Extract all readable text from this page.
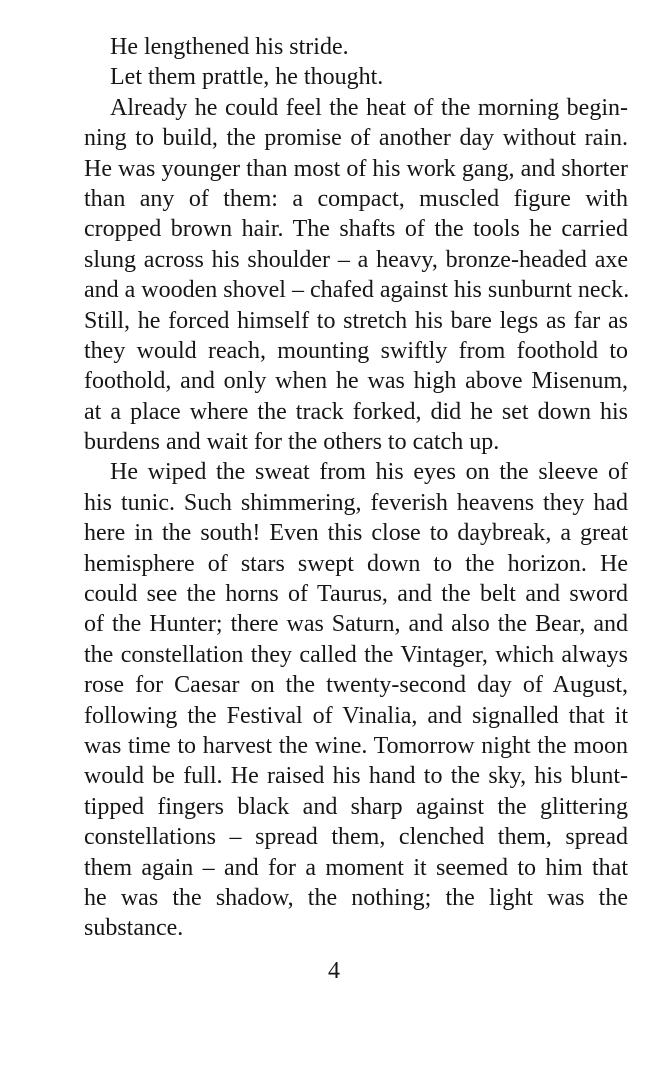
He lengthened his stride.
Let them prattle, he thought.
Already he could feel the heat of the morning begin-
ning to build, the promise of another day without rain.
He was younger than most of his work gang, and shorter
than any of them: a compact, muscled figure with
cropped brown hair. The shafts of the tools he carried
slung across his shoulder – a heavy, bronze-headed axe
and a wooden shovel – chafed against his sunburnt neck.
Still, he forced himself to stretch his bare legs as far as
they would reach, mounting swiftly from foothold to
foothold, and only when he was high above Misenum,
at a place where the track forked, did he set down his
burdens and wait for the others to catch up.
He wiped the sweat from his eyes on the sleeve of
his tunic. Such shimmering, feverish heavens they had
here in the south! Even this close to daybreak, a great
hemisphere of stars swept down to the horizon. He
could see the horns of Taurus, and the belt and sword
of the Hunter; there was Saturn, and also the Bear, and
the constellation they called the Vintager, which always
rose for Caesar on the twenty-second day of August,
following the Festival of Vinalia, and signalled that it
was time to harvest the wine. Tomorrow night the moon
would be full. He raised his hand to the sky, his blunt-
tipped fingers black and sharp against the glittering
constellations – spread them, clenched them, spread
them again – and for a moment it seemed to him that
he was the shadow, the nothing; the light was the
substance.
4
